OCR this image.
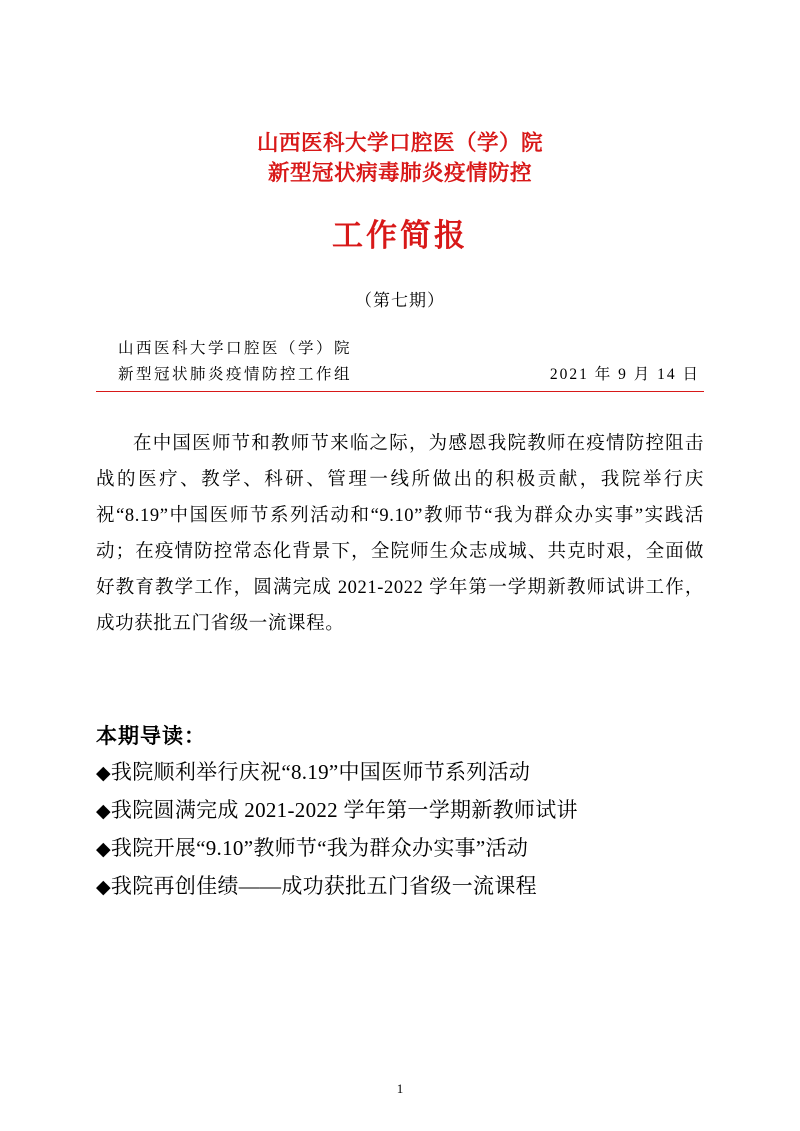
山西医科大学口腔医（学）院
新型冠状病毒肺炎疫情防控
工作简报
（第七期）
山西医科大学口腔医（学）院
新型冠状肺炎疫情防控工作组	2021 年 9 月 14 日
在中国医师节和教师节来临之际，为感恩我院教师在疫情防控阻击战的医疗、教学、科研、管理一线所做出的积极贡献，我院举行庆祝“8.19”中国医师节系列活动和“9.10”教师节“我为群众办实事”实践活动；在疫情防控常态化背景下，全院师生众志成城、共克时艰，全面做好教育教学工作，圆满完成 2021-2022 学年第一学期新教师试讲工作，成功获批五门省级一流课程。
本期导读：
◆我院顺利举行庆祝“8.19”中国医师节系列活动
◆我院圆满完成 2021-2022 学年第一学期新教师试讲
◆我院开展“9.10”教师节“我为群众办实事”活动
◆我院再创佳绩——成功获批五门省级一流课程
1
